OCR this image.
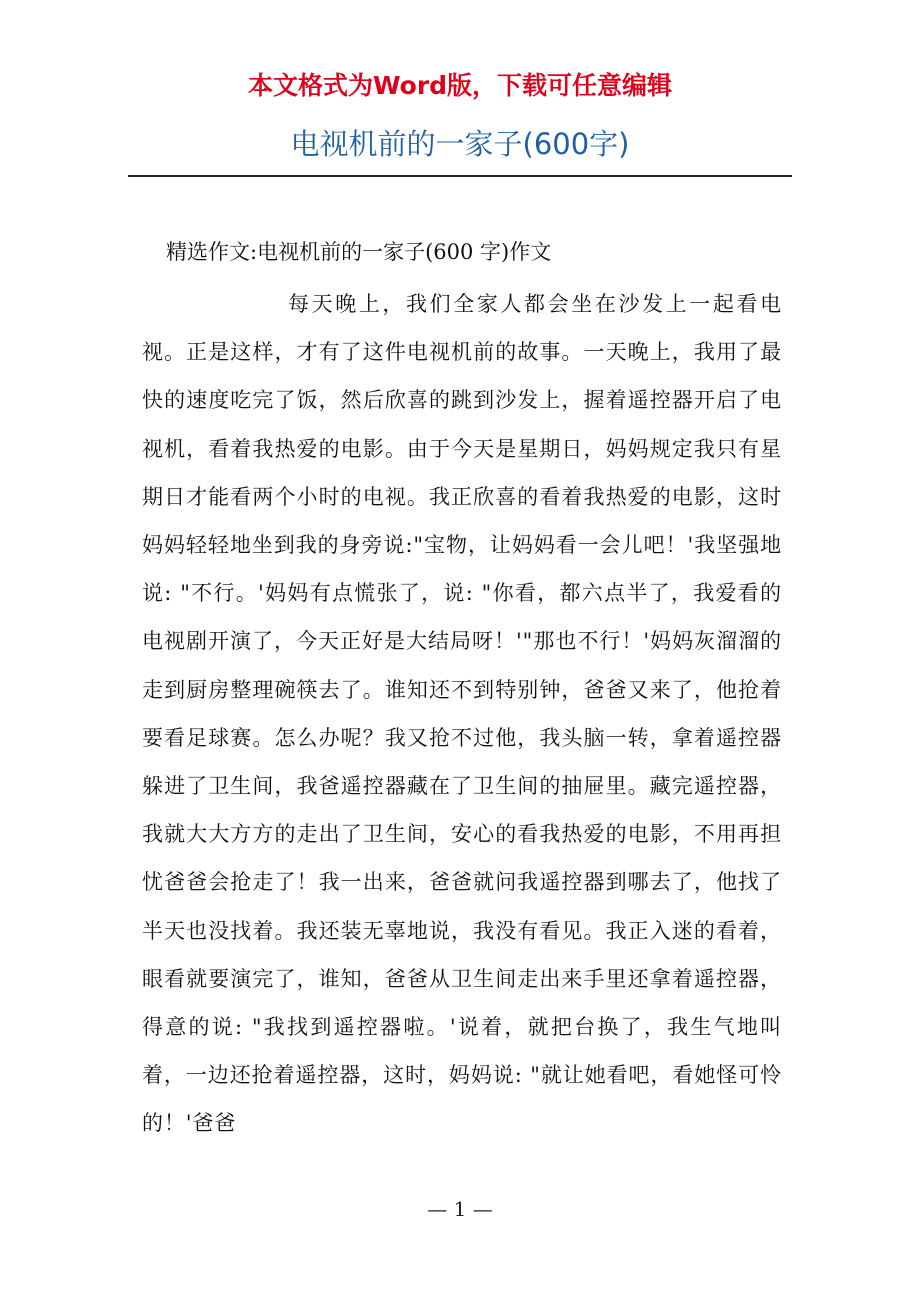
本文格式为Word版，下载可任意编辑
电视机前的一家子(600字)
精选作文:电视机前的一家子(600 字)作文

每天晚上，我们全家人都会坐在沙发上一起看电视。正是这样，才有了这件电视机前的故事。一天晚上，我用了最快的速度吃完了饭，然后欣喜的跳到沙发上，握着遥控器开启了电视机，看着我热爱的电影。由于今天是星期日，妈妈规定我只有星期日才能看两个小时的电视。我正欣喜的看着我热爱的电影，这时妈妈轻轻地坐到我的身旁说:"宝物，让妈妈看一会儿吧！'我坚强地说: "不行。'妈妈有点慌张了，说: "你看，都六点半了，我爱看的电视剧开演了，今天正好是大结局呀！'"那也不行！'妈妈灰溜溜的走到厨房整理碗筷去了。谁知还不到特别钟，爸爸又来了，他抢着要看足球赛。怎么办呢？我又抢不过他，我头脑一转，拿着遥控器躲进了卫生间，我爸遥控器藏在了卫生间的抽屉里。藏完遥控器，我就大大方方的走出了卫生间，安心的看我热爱的电影，不用再担忧爸爸会抢走了！我一出来，爸爸就问我遥控器到哪去了，他找了半天也没找着。我还装无辜地说，我没有看见。我正入迷的看着，眼看就要演完了，谁知，爸爸从卫生间走出来手里还拿着遥控器，得意的说: "我找到遥控器啦。'说着，就把台换了，我生气地叫着，一边还抢着遥控器，这时，妈妈说: "就让她看吧，看她怪可怜的！'爸爸

— 1 —
